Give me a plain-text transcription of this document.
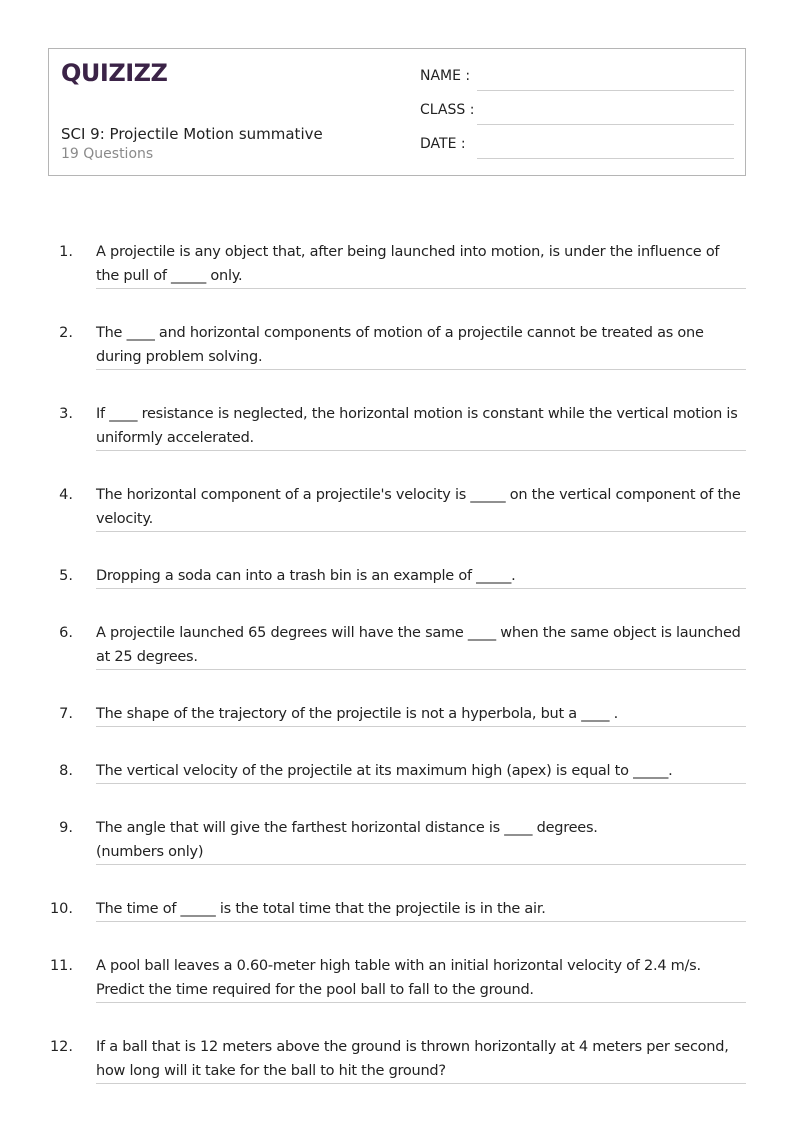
QUIZIZZ
SCI 9: Projectile Motion summative
19 Questions
NAME :
CLASS :
DATE :
1. A projectile is any object that, after being launched into motion, is under the influence of the pull of _____ only.
2. The ____ and horizontal components of motion of a projectile cannot be treated as one during problem solving.
3. If ____ resistance is neglected, the horizontal motion is constant while the vertical motion is uniformly accelerated.
4. The horizontal component of a projectile's velocity is _____ on the vertical component of the velocity.
5. Dropping a soda can into a trash bin is an example of _____.
6. A projectile launched 65 degrees will have the same ____ when the same object is launched at 25 degrees.
7. The shape of the trajectory of the projectile is not a hyperbola, but a ____ .
8. The vertical velocity of the projectile at its maximum high (apex) is equal to _____.
9. The angle that will give the farthest horizontal distance is ____ degrees.
(numbers only)
10. The time of _____ is the total time that the projectile is in the air.
11. A pool ball leaves a 0.60-meter high table with an initial horizontal velocity of 2.4 m/s. Predict the time required for the pool ball to fall to the ground.
12. If a ball that is 12 meters above the ground is thrown horizontally at 4 meters per second, how long will it take for the ball to hit the ground?
